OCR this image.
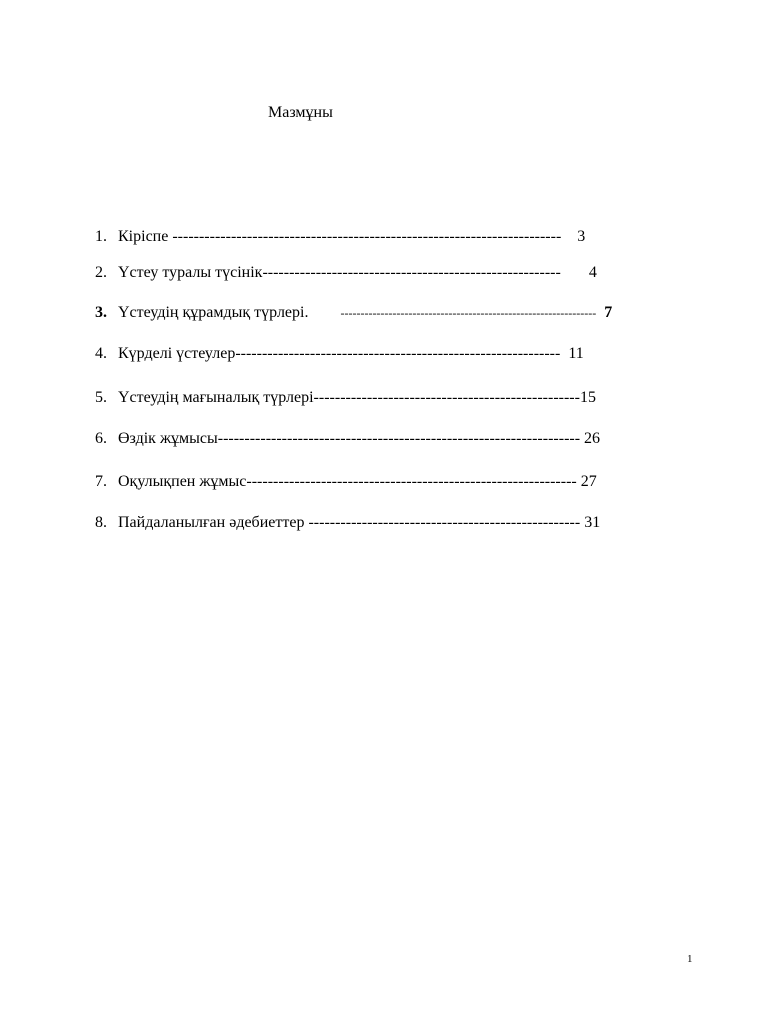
Мазмұны

1. Кіріспе -------------------------------------------------------------------------    3

2. Үстеу туралы түсінік--------------------------------------------------------       4

3. Үстеудің құрамдық түрлері.	---------------------------------------------------------------- 7

4. Күрделі үстеулер-------------------------------------------------------------  11

5. Үстеудің мағыналық түрлері--------------------------------------------------15

6. Өздік жұмысы-------------------------------------------------------------------- 26

7. Оқулықпен жұмыс-------------------------------------------------------------- 27

8. Пайдаланылған әдебиеттер --------------------------------------------------- 31

1
